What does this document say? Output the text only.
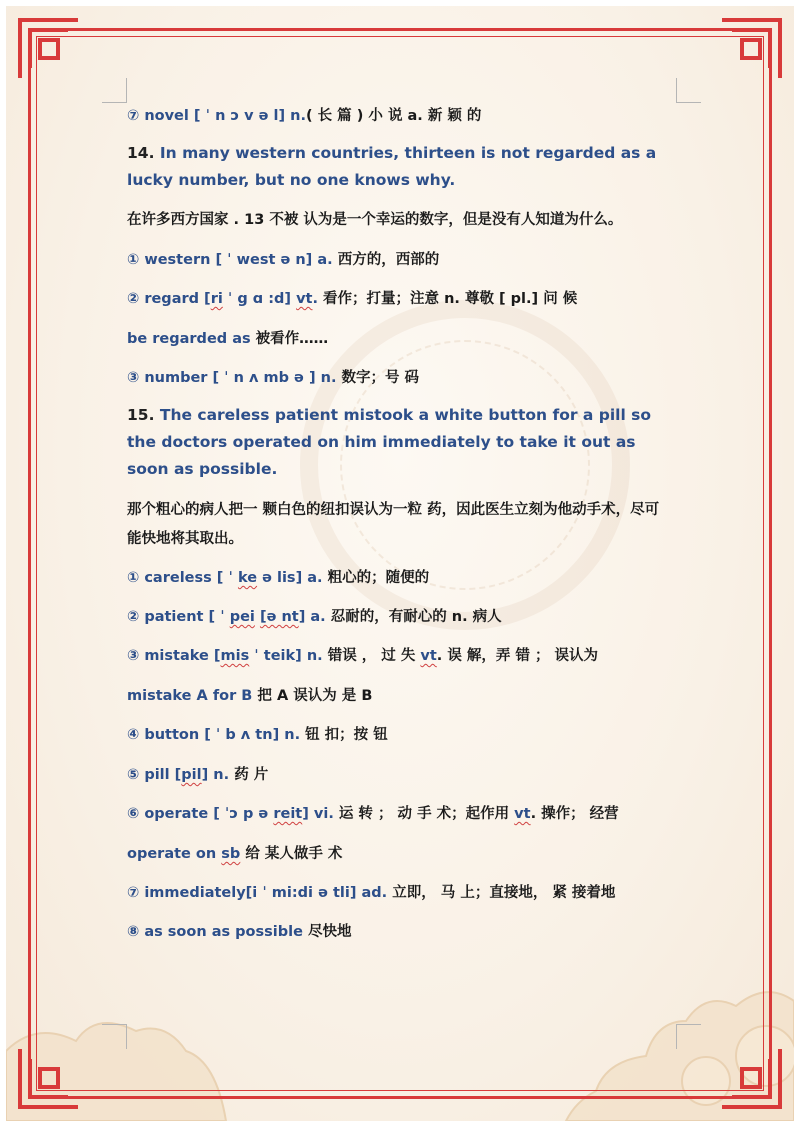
⑦ novel [ ˈ n ɔ v ə l] n.( 长 篇 ) 小 说 a. 新 颖 的
14. In many western countries, thirteen is not regarded as a lucky number, but no one knows why.
在许多西方国家 . 13 不被 认为是一个幸运的数字，但是没有人知道为什么。
① western [ ˈ west ə n] a. 西方的，西部的
② regard [ri ˈ g ɑ :d] vt. 看作；打量；注意 n. 尊敬 [ pl.] 问 候
be regarded as 被看作……
③ number [ ˈ n ʌ mb ə ] n. 数字；号 码
15. The careless patient mistook a white button for a pill so the doctors operated on him immediately to take it out as soon as possible.
那个粗心的病人把一 颗白色的纽扣误认为一粒 药，因此医生立刻为他动手术，尽可能快地将其取出。
① careless [ ˈ ke ə lis] a. 粗心的；随便的
② patient [ ˈ pei [ə nt] a. 忍耐的，有耐心的 n. 病人
③ mistake [mis ˈ teik] n. 错误 ， 过 失 vt. 误 解，弄 错 ； 误认为
mistake A for B 把 A 误认为 是 B
④ button [ ˈ b ʌ tn] n. 钮 扣；按 钮
⑤ pill [pil] n. 药 片
⑥ operate [ ˈɔ p ə reit] vi. 运 转 ； 动 手 术；起作用 vt. 操作； 经营
operate on sb 给 某人做手 术
⑦ immediately[i ˈ mi:di ə tli] ad. 立即， 马 上；直接地， 紧 接着地
⑧ as soon as possible 尽快地
